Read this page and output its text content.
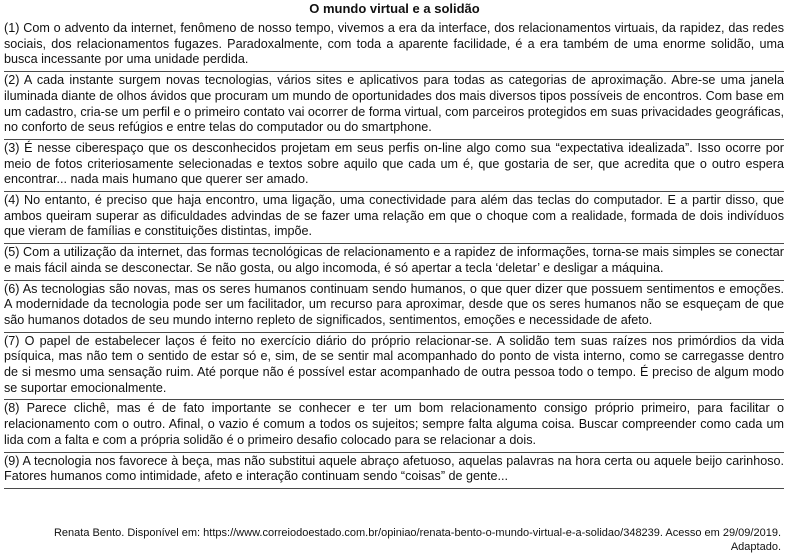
O mundo virtual e a solidão

(1) Com o advento da internet, fenômeno de nosso tempo, vivemos a era da interface, dos relacionamentos virtuais, da rapidez, das redes sociais, dos relacionamentos fugazes. Paradoxalmente, com toda a aparente facilidade, é a era também de uma enorme solidão, uma busca incessante por uma unidade perdida.

(2) A cada instante surgem novas tecnologias, vários sites e aplicativos para todas as categorias de aproximação. Abre-se uma janela iluminada diante de olhos ávidos que procuram um mundo de oportunidades dos mais diversos tipos possíveis de encontros. Com base em um cadastro, cria-se um perfil e o primeiro contato vai ocorrer de forma virtual, com parceiros protegidos em suas privacidades geográficas, no conforto de seus refúgios e entre telas do computador ou do smartphone.

(3) É nesse ciberespaço que os desconhecidos projetam em seus perfis on-line algo como sua “expectativa idealizada”. Isso ocorre por meio de fotos criteriosamente selecionadas e textos sobre aquilo que cada um é, que gostaria de ser, que acredita que o outro espera encontrar... nada mais humano que querer ser amado.

(4) No entanto, é preciso que haja encontro, uma ligação, uma conectividade para além das teclas do computador. E a partir disso, que ambos queiram superar as dificuldades advindas de se fazer uma relação em que o choque com a realidade, formada de dois indivíduos que vieram de famílias e constituições distintas, impõe.

(5) Com a utilização da internet, das formas tecnológicas de relacionamento e a rapidez de informações, torna-se mais simples se conectar e mais fácil ainda se desconectar. Se não gosta, ou algo incomoda, é só apertar a tecla ‘deletar’ e desligar a máquina.

(6) As tecnologias são novas, mas os seres humanos continuam sendo humanos, o que quer dizer que possuem sentimentos e emoções. A modernidade da tecnologia pode ser um facilitador, um recurso para aproximar, desde que os seres humanos não se esqueçam de que são humanos dotados de seu mundo interno repleto de significados, sentimentos, emoções e necessidade de afeto.

(7) O papel de estabelecer laços é feito no exercício diário do próprio relacionar-se. A solidão tem suas raízes nos primórdios da vida psíquica, mas não tem o sentido de estar só e, sim, de se sentir mal acompanhado do ponto de vista interno, como se carregasse dentro de si mesmo uma sensação ruim. Até porque não é possível estar acompanhado de outra pessoa todo o tempo. É preciso de algum modo se suportar emocionalmente.

(8) Parece clichê, mas é de fato importante se conhecer e ter um bom relacionamento consigo próprio primeiro, para facilitar o relacionamento com o outro. Afinal, o vazio é comum a todos os sujeitos; sempre falta alguma coisa. Buscar compreender como cada um lida com a falta e com a própria solidão é o primeiro desafio colocado para se relacionar a dois.

(9) A tecnologia nos favorece à beça, mas não substitui aquele abraço afetuoso, aquelas palavras na hora certa ou aquele beijo carinhoso. Fatores humanos como intimidade, afeto e interação continuam sendo “coisas” de gente...

Renata Bento. Disponível em: https://www.correiodoestado.com.br/opiniao/renata-bento-o-mundo-virtual-e-a-solidao/348239. Acesso em 29/09/2019. Adaptado.
